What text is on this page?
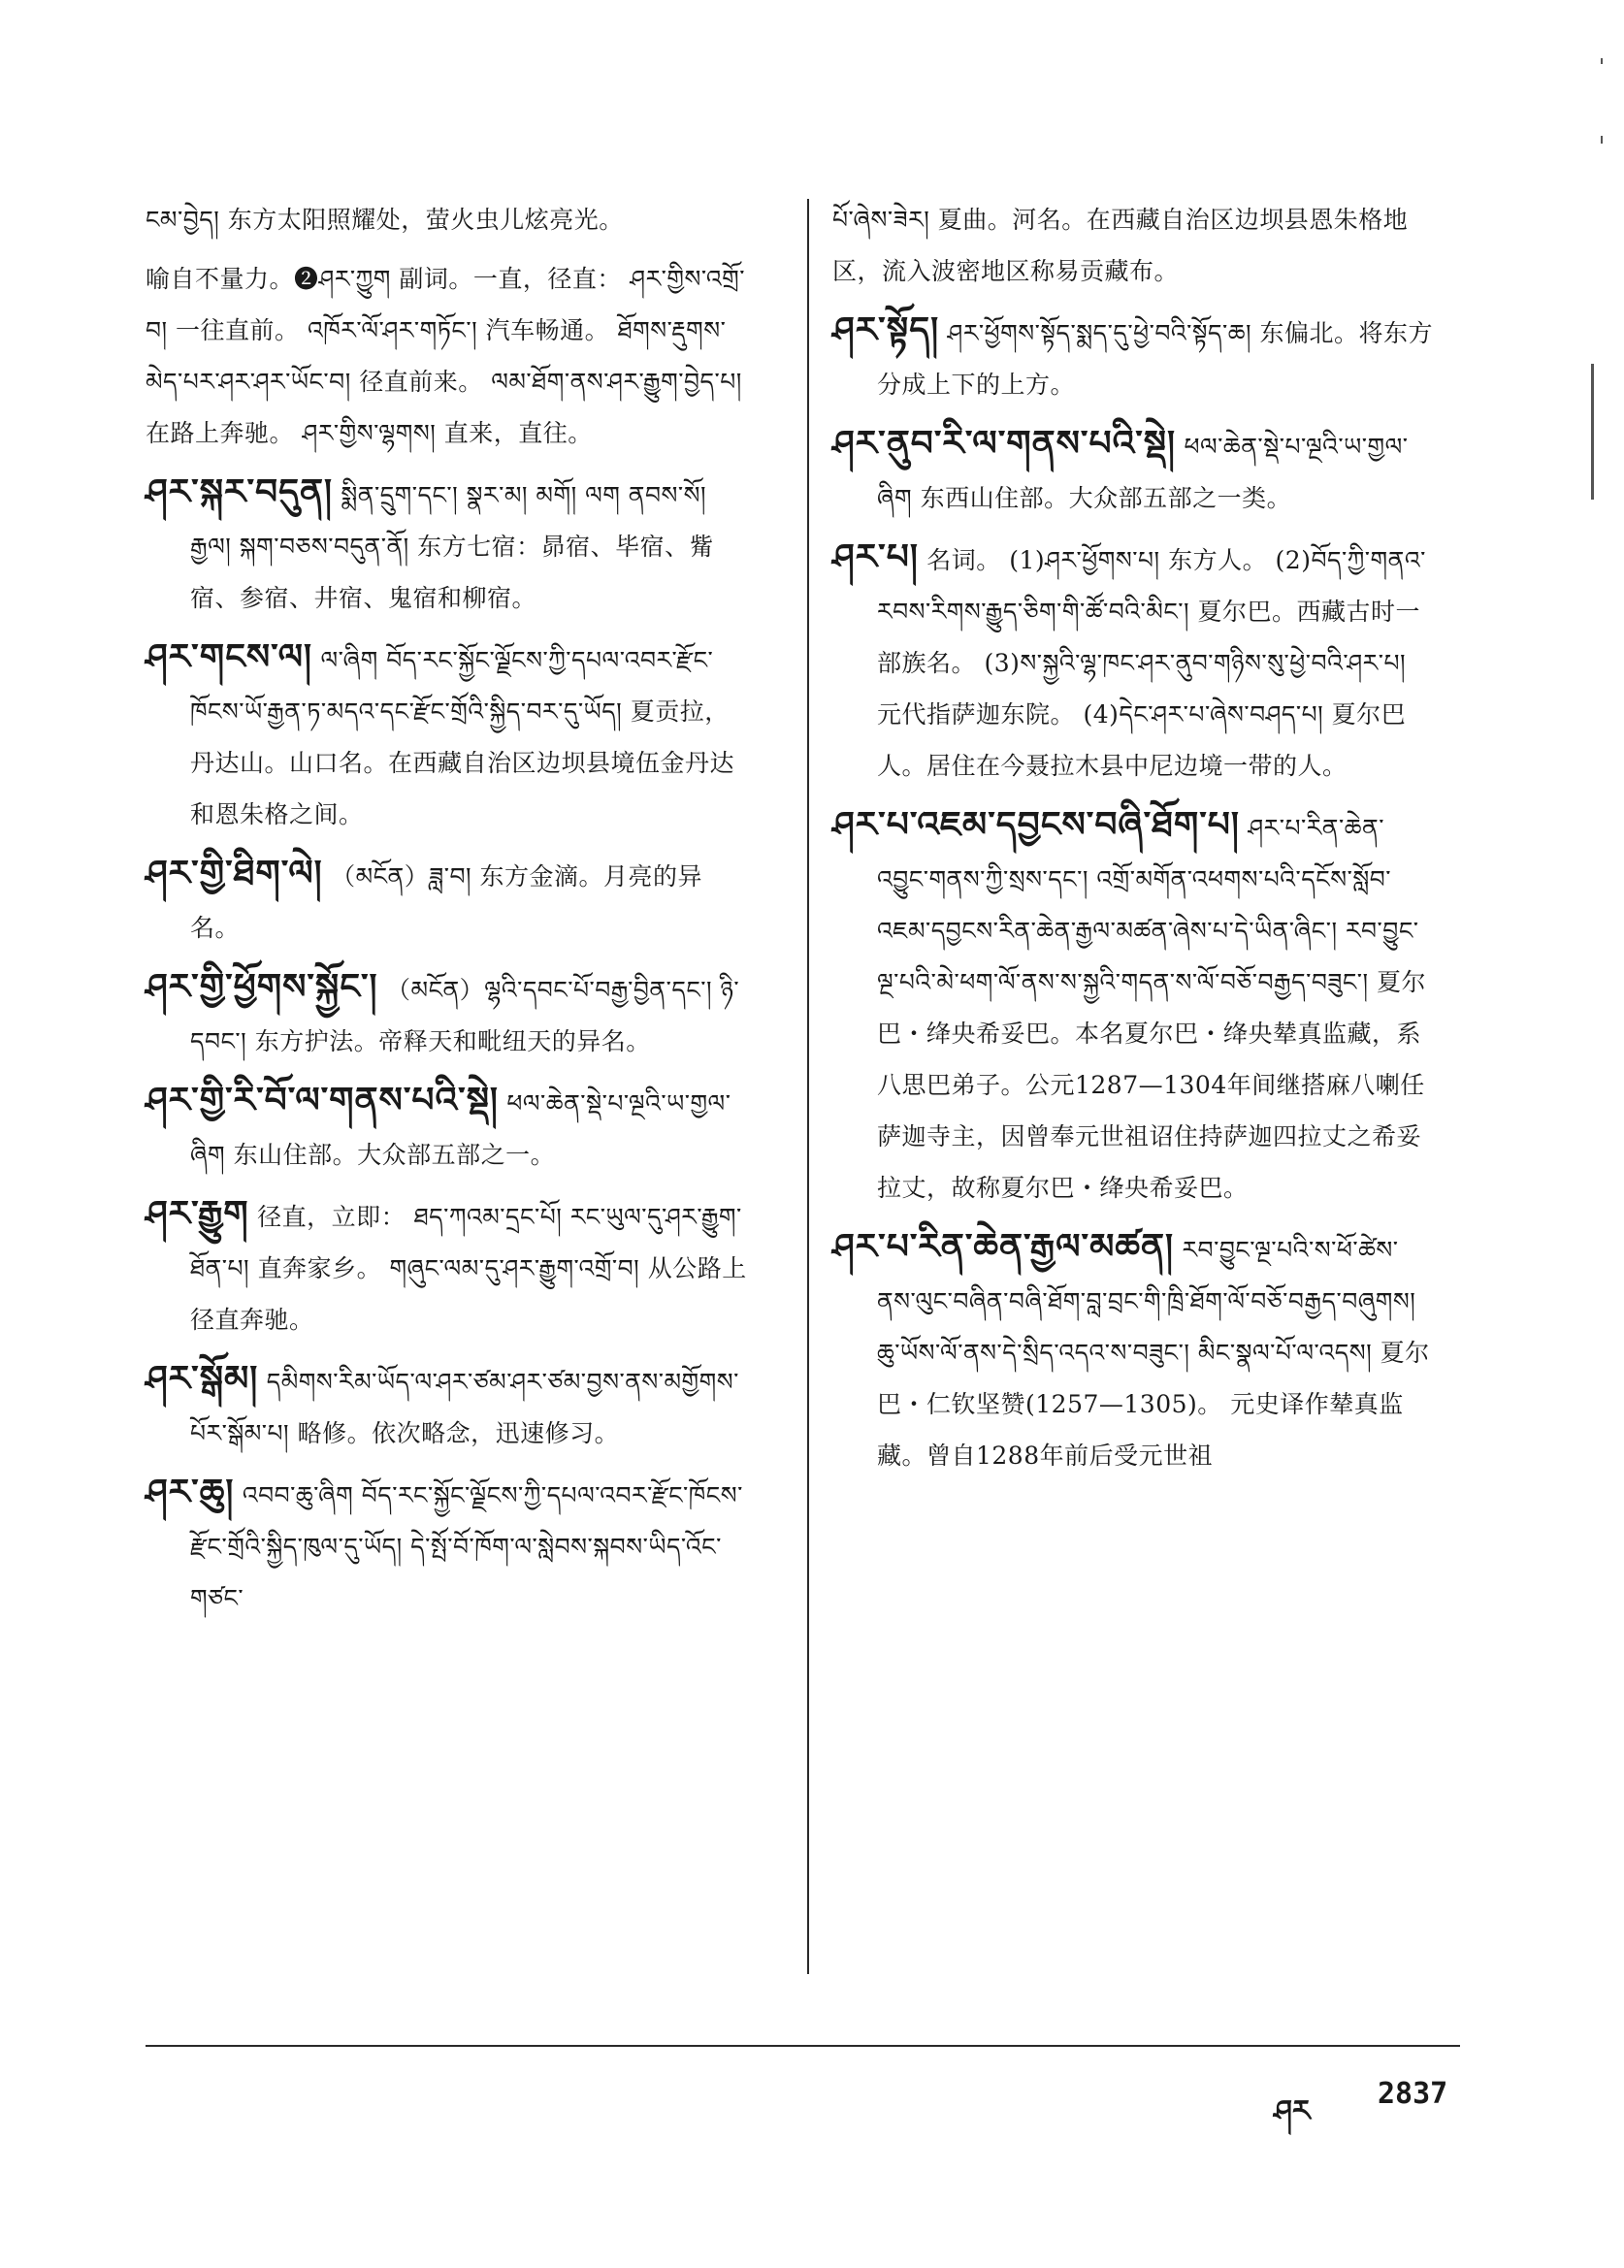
ངམ་བྱེད། 东方太阳照耀处，萤火虫儿炫亮光。

喻自不量力。❷ཤར་ཀྱུག 副词。一直，径直： ཤར་གྱིས་འགྲོ་བ། 一往直前。 འཁོར་ལོ་ཤར་གཏོང་། 汽车畅通。 ཐོགས་རྡུགས་མེད་པར་ཤར་ཤར་ཡོང་བ། 径直前来。 ལམ་ཐོག་ནས་ཤར་རྒྱུག་བྱེད་པ། 在路上奔驰。 ཤར་གྱིས་ལྷགས། 直来，直往。

ཤར་སྐར་བདུན། སྨིན་དྲུག་དང་། སྣར་མ། མགོ། ལག ནབས་སོ། རྒྱལ། སྐག་བཅས་བདུན་ནོ། 东方七宿：昴宿、毕宿、觜宿、参宿、井宿、鬼宿和柳宿。

ཤར་གངས་ལ། ལ་ཞིག བོད་རང་སྐྱོང་ལྗོངས་ཀྱི་དཔལ་འབར་རྫོང་ཁོངས་ཡོ་རྒྱན་ཏ་མདའ་དང་རྫོང་གྲོའི་སྐྱིད་བར་དུ་ཡོད། 夏贡拉，丹达山。山口名。在西藏自治区边坝县境伍金丹达和恩朱格之间。

ཤར་གྱི་ཐིག་ལེ། （མངོན）ཟླ་བ། 东方金滴。月亮的异名。

ཤར་གྱི་ཕྱོགས་སྐྱོང་། （མངོན）ལྷའི་དབང་པོ་བརྒྱ་བྱིན་དང་། ཉི་དབང་། 东方护法。帝释天和毗纽天的异名。

ཤར་གྱི་རི་བོ་ལ་གནས་པའི་སྡེ། ཕལ་ཆེན་སྡེ་པ་ལྔའི་ཡ་གྱལ་ཞིག 东山住部。大众部五部之一。

ཤར་རྒྱུག 径直，立即： ཐད་ཀའམ་དྲང་པོ། རང་ཡུལ་དུ་ཤར་རྒྱུག་ཐོན་པ། 直奔家乡。 གཞུང་ལམ་དུ་ཤར་རྒྱུག་འགྲོ་བ། 从公路上径直奔驰。

ཤར་སྒོམ། དམིགས་རིམ་ཡོད་ལ་ཤར་ཙམ་ཤར་ཙམ་བྱས་ནས་མགྱོགས་པོར་སྒོམ་པ། 略修。依次略念，迅速修习。

ཤར་ཆུ། འབབ་ཆུ་ཞིག བོད་རང་སྐྱོང་ལྗོངས་ཀྱི་དཔལ་འབར་རྫོང་ཁོངས་རྫོང་གྲོའི་སྐྱིད་ཁུལ་དུ་ཡོད། དེ་སྤོ་བོ་ཁོག་ལ་སླེབས་སྐབས་ཡིད་འོང་གཙང་

པོ་ཞེས་ཟེར། 夏曲。河名。在西藏自治区边坝县恩朱格地区，流入波密地区称易贡藏布。

ཤར་སྟོད། ཤར་ཕྱོགས་སྟོད་སྨད་དུ་ཕྱེ་བའི་སྟོད་ཆ། 东偏北。将东方分成上下的上方。

ཤར་ནུབ་རི་ལ་གནས་པའི་སྡེ། ཕལ་ཆེན་སྡེ་པ་ལྔའི་ཡ་གྱལ་ཞིག 东西山住部。大众部五部之一类。

ཤར་པ། 名词。 (1)ཤར་ཕྱོགས་པ། 东方人。 (2)བོད་ཀྱི་གནའ་རབས་རིགས་རྒྱུད་ཅིག་གི་ཚོ་བའི་མིང་། 夏尔巴。西藏古时一部族名。 (3)ས་སྐྱའི་ལྷ་ཁང་ཤར་ནུབ་གཉིས་སུ་ཕྱེ་བའི་ཤར་པ། 元代指萨迦东院。 (4)དེང་ཤར་པ་ཞེས་བཤད་པ། 夏尔巴人。居住在今聂拉木县中尼边境一带的人。

ཤར་པ་འཇམ་དབྱངས་བཞི་ཐོག་པ། ཤར་པ་རིན་ཆེན་འབྱུང་གནས་ཀྱི་སྲས་དང་། འགྲོ་མགོན་འཕགས་པའི་དངོས་སློབ་འཇམ་དབྱངས་རིན་ཆེན་རྒྱལ་མཚན་ཞེས་པ་དེ་ཡིན་ཞིང་། རབ་བྱུང་ལྔ་པའི་མེ་ཕག་ལོ་ནས་ས་སྐྱའི་གདན་ས་ལོ་བཅོ་བརྒྱད་བཟུང་། 夏尔巴・绛央希妥巴。本名夏尔巴・绛央辇真监藏，系八思巴弟子。公元1287—1304年间继搭麻八喇任萨迦寺主，因曾奉元世祖诏住持萨迦四拉丈之希妥拉丈，故称夏尔巴・绛央希妥巴。

ཤར་པ་རིན་ཆེན་རྒྱལ་མཚན། རབ་བྱུང་ལྔ་པའི་ས་ཕོ་ཚེས་ནས་ལུང་བཞིན་བཞི་ཐོག་བླ་བྲང་གི་ཁྲི་ཐོག་ལོ་བཅོ་བརྒྱད་བཞུགས། ཆུ་ཡོས་ལོ་ནས་དེ་སྲིད་འདའ་ས་བཟུང་། མིང་སྣལ་པོ་ལ་འདས། 夏尔巴・仁钦坚赞(1257—1305)。 元史译作辇真监藏。曾自1288年前后受元世祖

ཤར
2837
